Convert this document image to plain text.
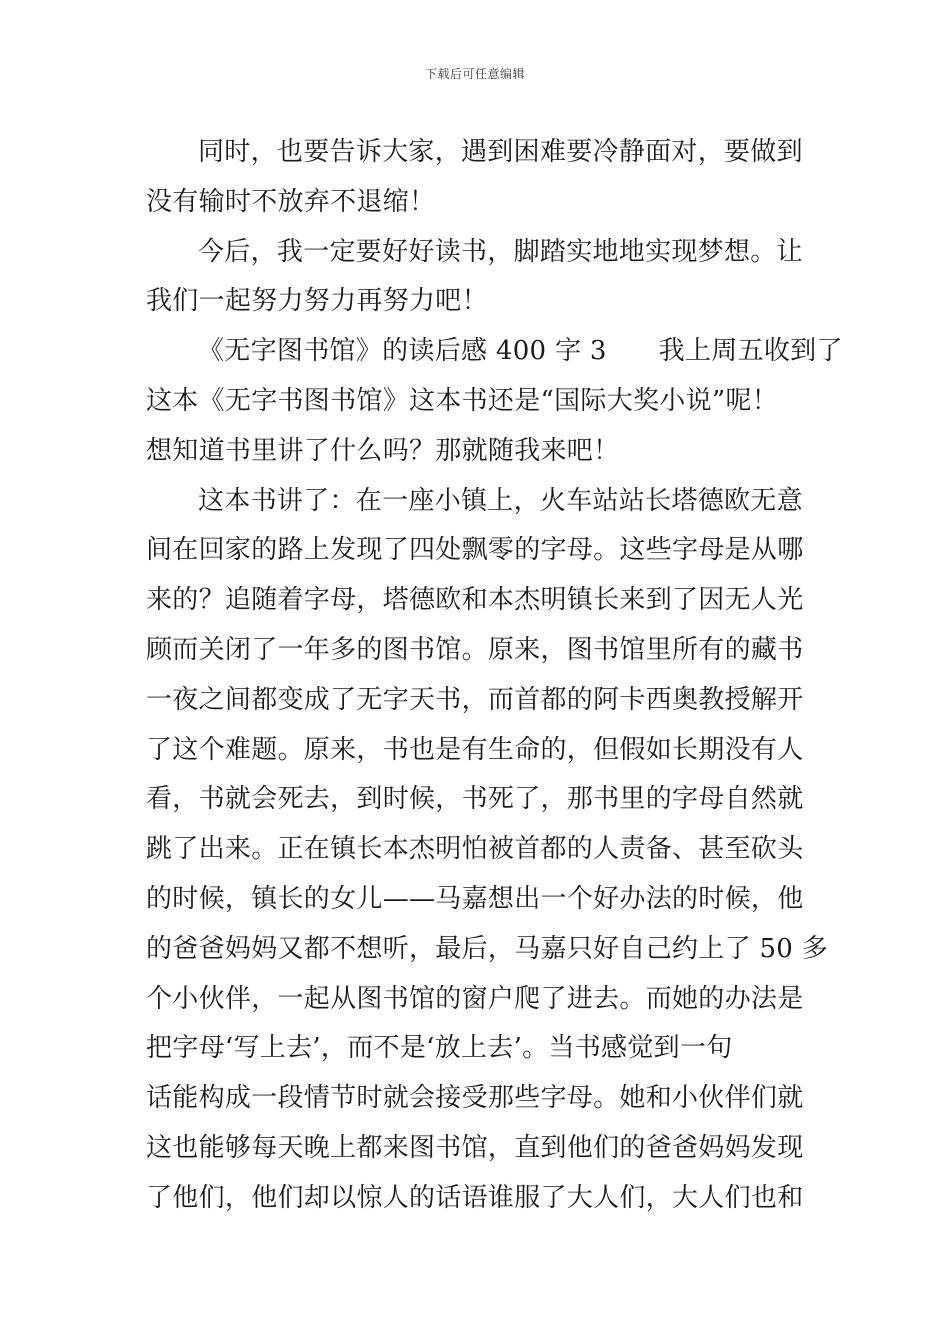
下载后可任意编辑
同时，也要告诉大家，遇到困难要冷静面对，要做到
没有输时不放弃不退缩！
今后，我一定要好好读书，脚踏实地地实现梦想。让
我们一起努力努力再努力吧！
《无字图书馆》的读后感 400 字 3 我上周五收到了
这本《无字书图书馆》这本书还是“国际大奖小说”呢！
想知道书里讲了什么吗？那就随我来吧！
这本书讲了：在一座小镇上，火车站站长塔德欧无意
间在回家的路上发现了四处飘零的字母。这些字母是从哪
来的？追随着字母，塔德欧和本杰明镇长来到了因无人光
顾而关闭了一年多的图书馆。原来，图书馆里所有的藏书
一夜之间都变成了无字天书，而首都的阿卡西奥教授解开
了这个难题。原来，书也是有生命的，但假如长期没有人
看，书就会死去，到时候，书死了，那书里的字母自然就
跳了出来。正在镇长本杰明怕被首都的人责备、甚至砍头
的时候，镇长的女儿——马嘉想出一个好办法的时候，他
的爸爸妈妈又都不想听，最后，马嘉只好自己约上了 50 多
个小伙伴，一起从图书馆的窗户爬了进去。而她的办法是
把字母‘写上去’，而不是‘放上去’。当书感觉到一句
话能构成一段情节时就会接受那些字母。她和小伙伴们就
这也能够每天晚上都来图书馆，直到他们的爸爸妈妈发现
了他们，他们却以惊人的话语谁服了大人们，大人们也和
